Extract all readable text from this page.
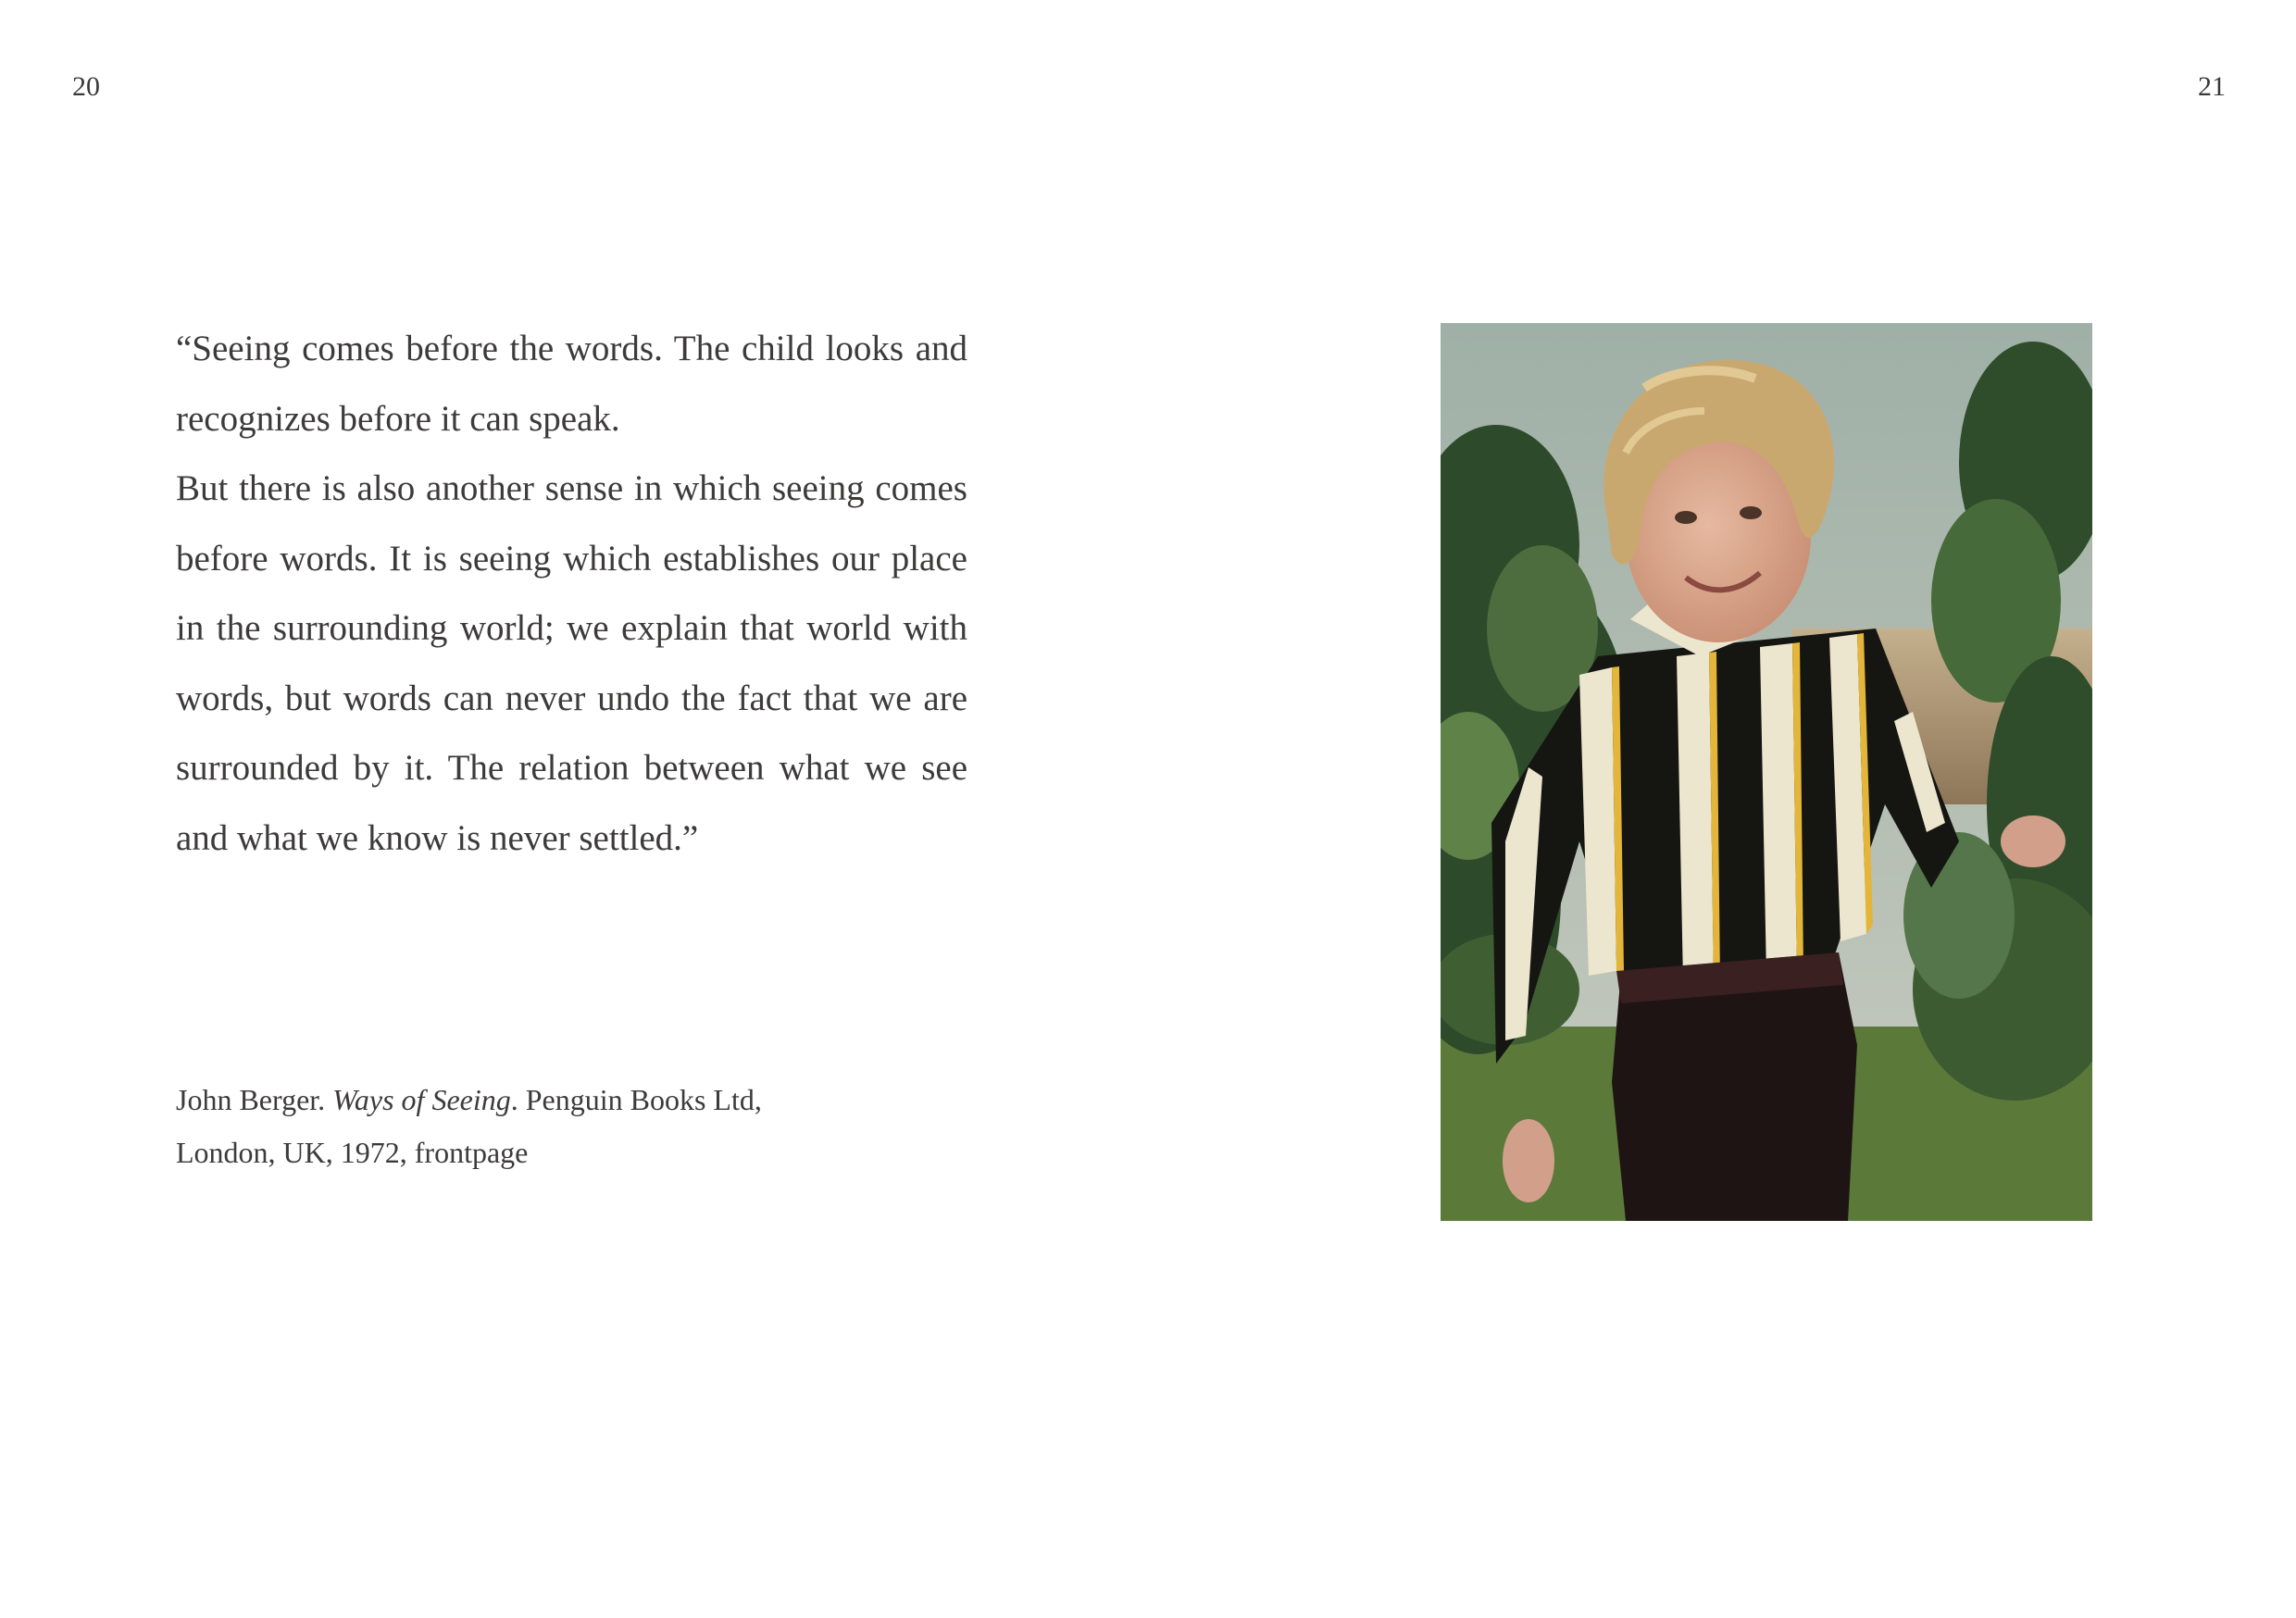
20	21

“Seeing comes before the words. The child looks and recognizes before it can speak.

But there is also another sense in which seeing comes before words. It is seeing which establishes our place in the surrounding world; we explain that world with words, but words can never undo the fact that we are surrounded by it. The relation between what we see and what we know is never settled.”

John Berger. Ways of Seeing. Penguin Books Ltd,
London, UK, 1972, frontpage
